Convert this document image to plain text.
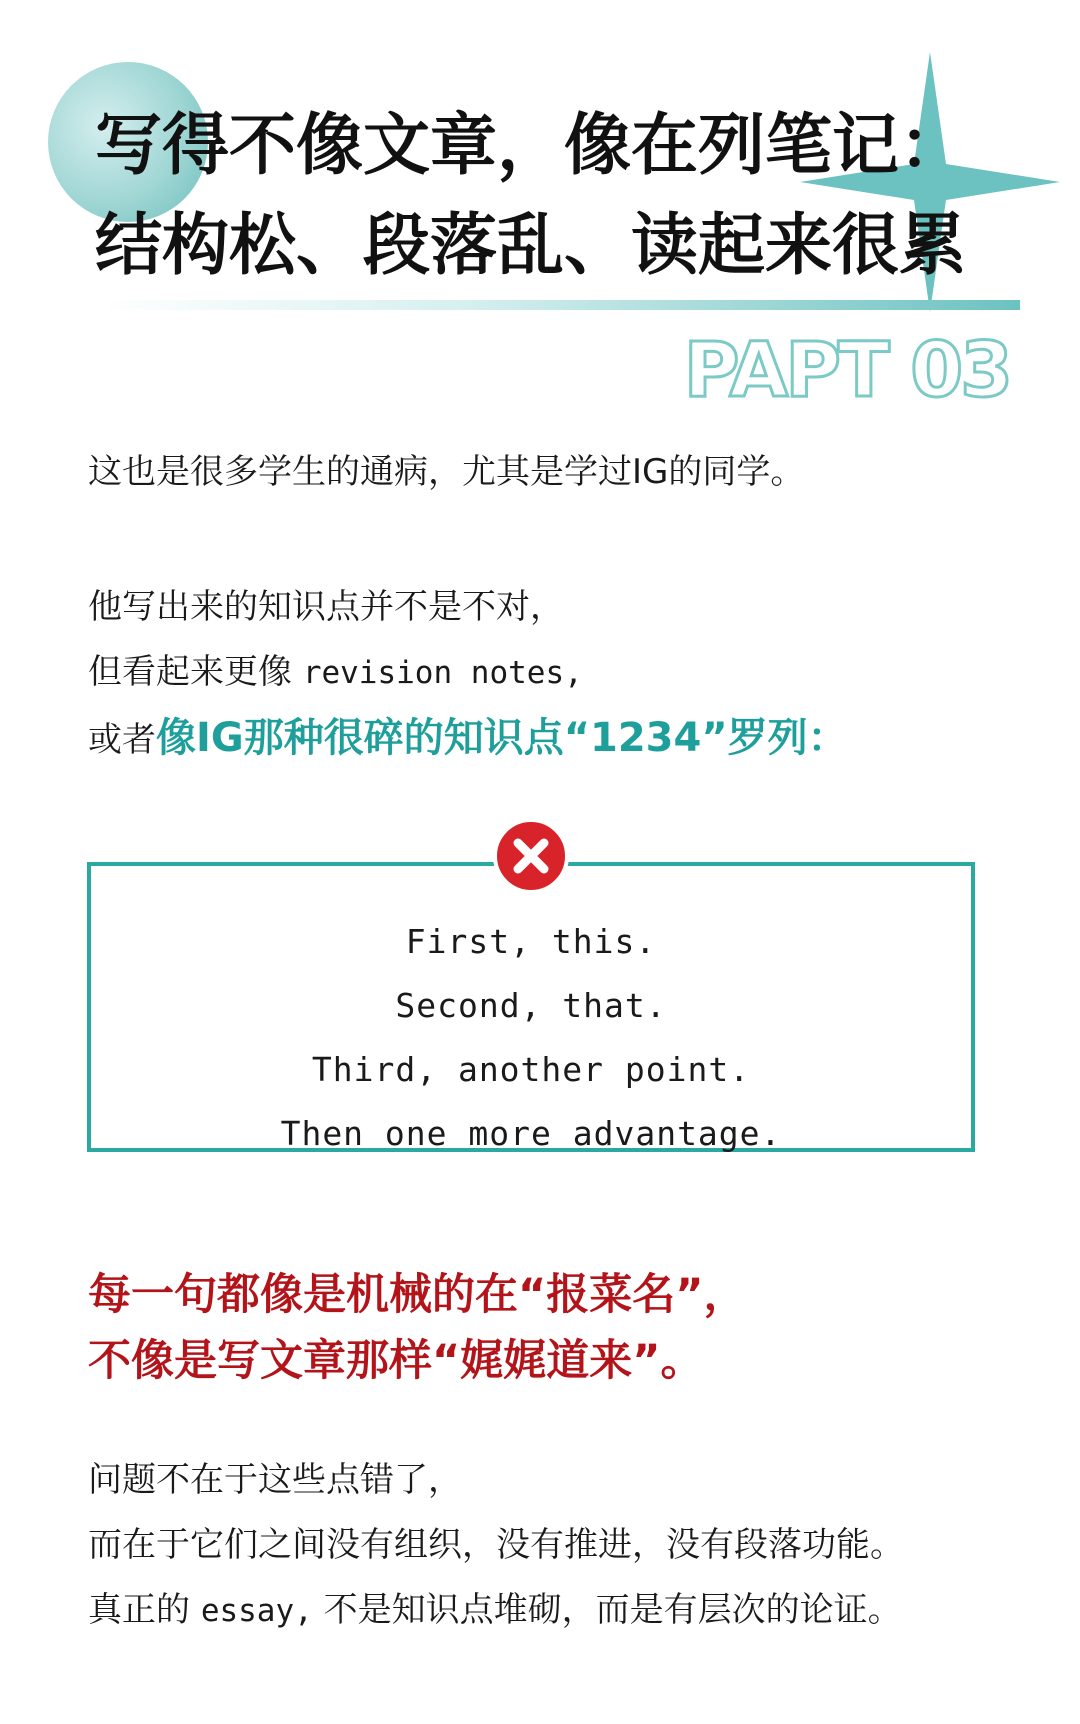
写得不像文章，像在列笔记：
结构松、段落乱、读起来很累
PAPT 03

这也是很多学生的通病，尤其是学过IG的同学。

他写出来的知识点并不是不对，
但看起来更像 revision notes,
或者像IG那种很碎的知识点“1234”罗列：

First, this.
Second, that.
Third, another point.
Then one more advantage.

每一句都像是机械的在“报菜名”，
不像是写文章那样“娓娓道来”。

问题不在于这些点错了，
而在于它们之间没有组织，没有推进，没有段落功能。
真正的 essay, 不是知识点堆砌，而是有层次的论证。
